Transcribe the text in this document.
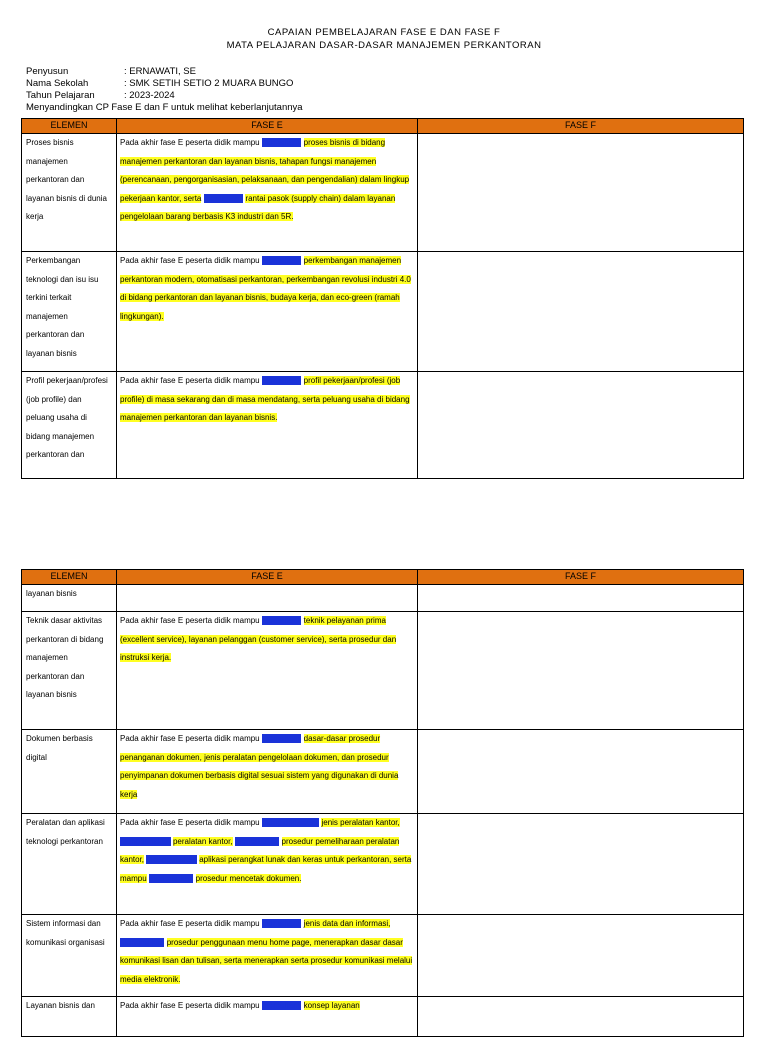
CAPAIAN PEMBELAJARAN FASE E DAN FASE F
MATA PELAJARAN DASAR-DASAR MANAJEMEN PERKANTORAN
Penyusun	: ERNAWATI, SE
Nama Sekolah	: SMK SETIH SETIO 2 MUARA BUNGO
Tahun Pelajaran	: 2023-2024
Menyandingkan CP Fase E dan F untuk melihat keberlanjutannya
ELEMEN	FASE E	FASE F
Proses bisnis manajemen perkantoran dan layanan bisnis di dunia kerja	Pada akhir fase E peserta didik mampu memahami proses bisnis di bidang manajemen perkantoran dan layanan bisnis, tahapan fungsi manajemen (perencanaan, pengorganisasian, pelaksanaan, dan pengendalian) dalam lingkup pekerjaan kantor, serta memahami rantai pasok (supply chain) dalam layanan pengelolaan barang berbasis K3 industri dan 5R.	
Perkembangan teknologi dan isu isu terkini terkait manajemen perkantoran dan layanan bisnis	Pada akhir fase E peserta didik mampu memahami perkembangan manajemen perkantoran modern, otomatisasi perkantoran, perkembangan revolusi industri 4.0 di bidang perkantoran dan layanan bisnis, budaya kerja, dan eco-green (ramah lingkungan).	
Profil pekerjaan/profesi (job profile) dan peluang usaha di bidang manajemen perkantoran dan	Pada akhir fase E peserta didik mampu memahami profil pekerjaan/profesi (job profile) di masa sekarang dan di masa mendatang, serta peluang usaha di bidang manajemen perkantoran dan layanan bisnis.	
ELEMEN	FASE E	FASE F
layanan bisnis		
Teknik dasar aktivitas perkantoran di bidang manajemen perkantoran dan layanan bisnis	Pada akhir fase E peserta didik mampu memahami teknik pelayanan prima (excellent service), layanan pelanggan (customer service), serta prosedur dan instruksi kerja.	
Dokumen berbasis digital	Pada akhir fase E peserta didik mampu memahami dasar-dasar prosedur penanganan dokumen, jenis peralatan pengelolaan dokumen, dan prosedur penyimpanan dokumen berbasis digital sesuai sistem yang digunakan di dunia kerja	
Peralatan dan aplikasi teknologi perkantoran	Pada akhir fase E peserta didik mampu mengidentifikasi jenis peralatan kantor, menggunakan peralatan kantor, menerapkan prosedur pemeliharaan peralatan kantor, menggunakan aplikasi perangkat lunak dan keras untuk perkantoran, serta mampu menerapkan prosedur mencetak dokumen.	
Sistem informasi dan komunikasi organisasi	Pada akhir fase E peserta didik mampu memahami jenis data dan informasi, menerapkan prosedur penggunaan menu home page, menerapkan dasar dasar komunikasi lisan dan tulisan, serta menerapkan serta prosedur komunikasi melalui media elektronik.	
Layanan bisnis dan	Pada akhir fase E peserta didik mampu memahami konsep layanan	
